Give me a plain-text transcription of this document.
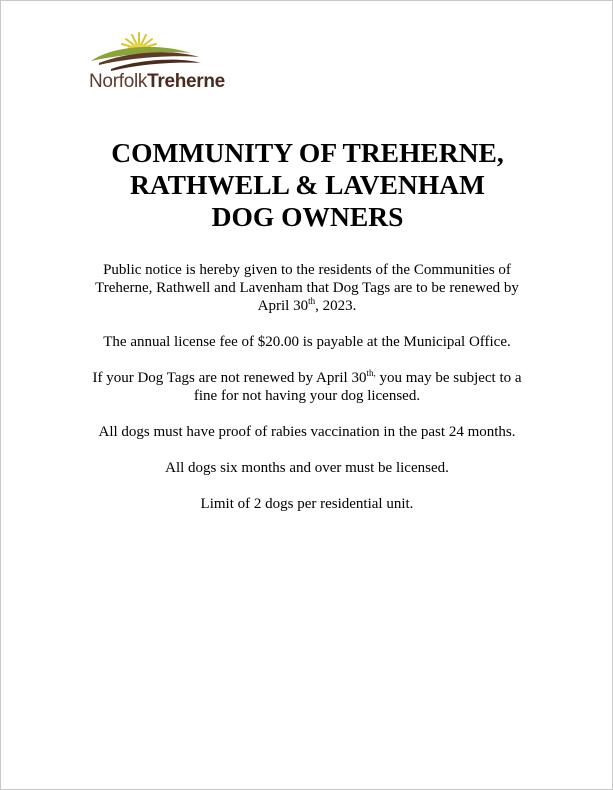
NorfolkTreherne
COMMUNITY OF TREHERNE,
RATHWELL & LAVENHAM
DOG OWNERS

Public notice is hereby given to the residents of the Communities of Treherne, Rathwell and Lavenham that Dog Tags are to be renewed by April 30th, 2023.

The annual license fee of $20.00 is payable at the Municipal Office.

If your Dog Tags are not renewed by April $30^{th,}$ you may be subject to a fine for not having your dog licensed.

All dogs must have proof of rabies vaccination in the past 24 months.

All dogs six months and over must be licensed.

Limit of 2 dogs per residential unit.
